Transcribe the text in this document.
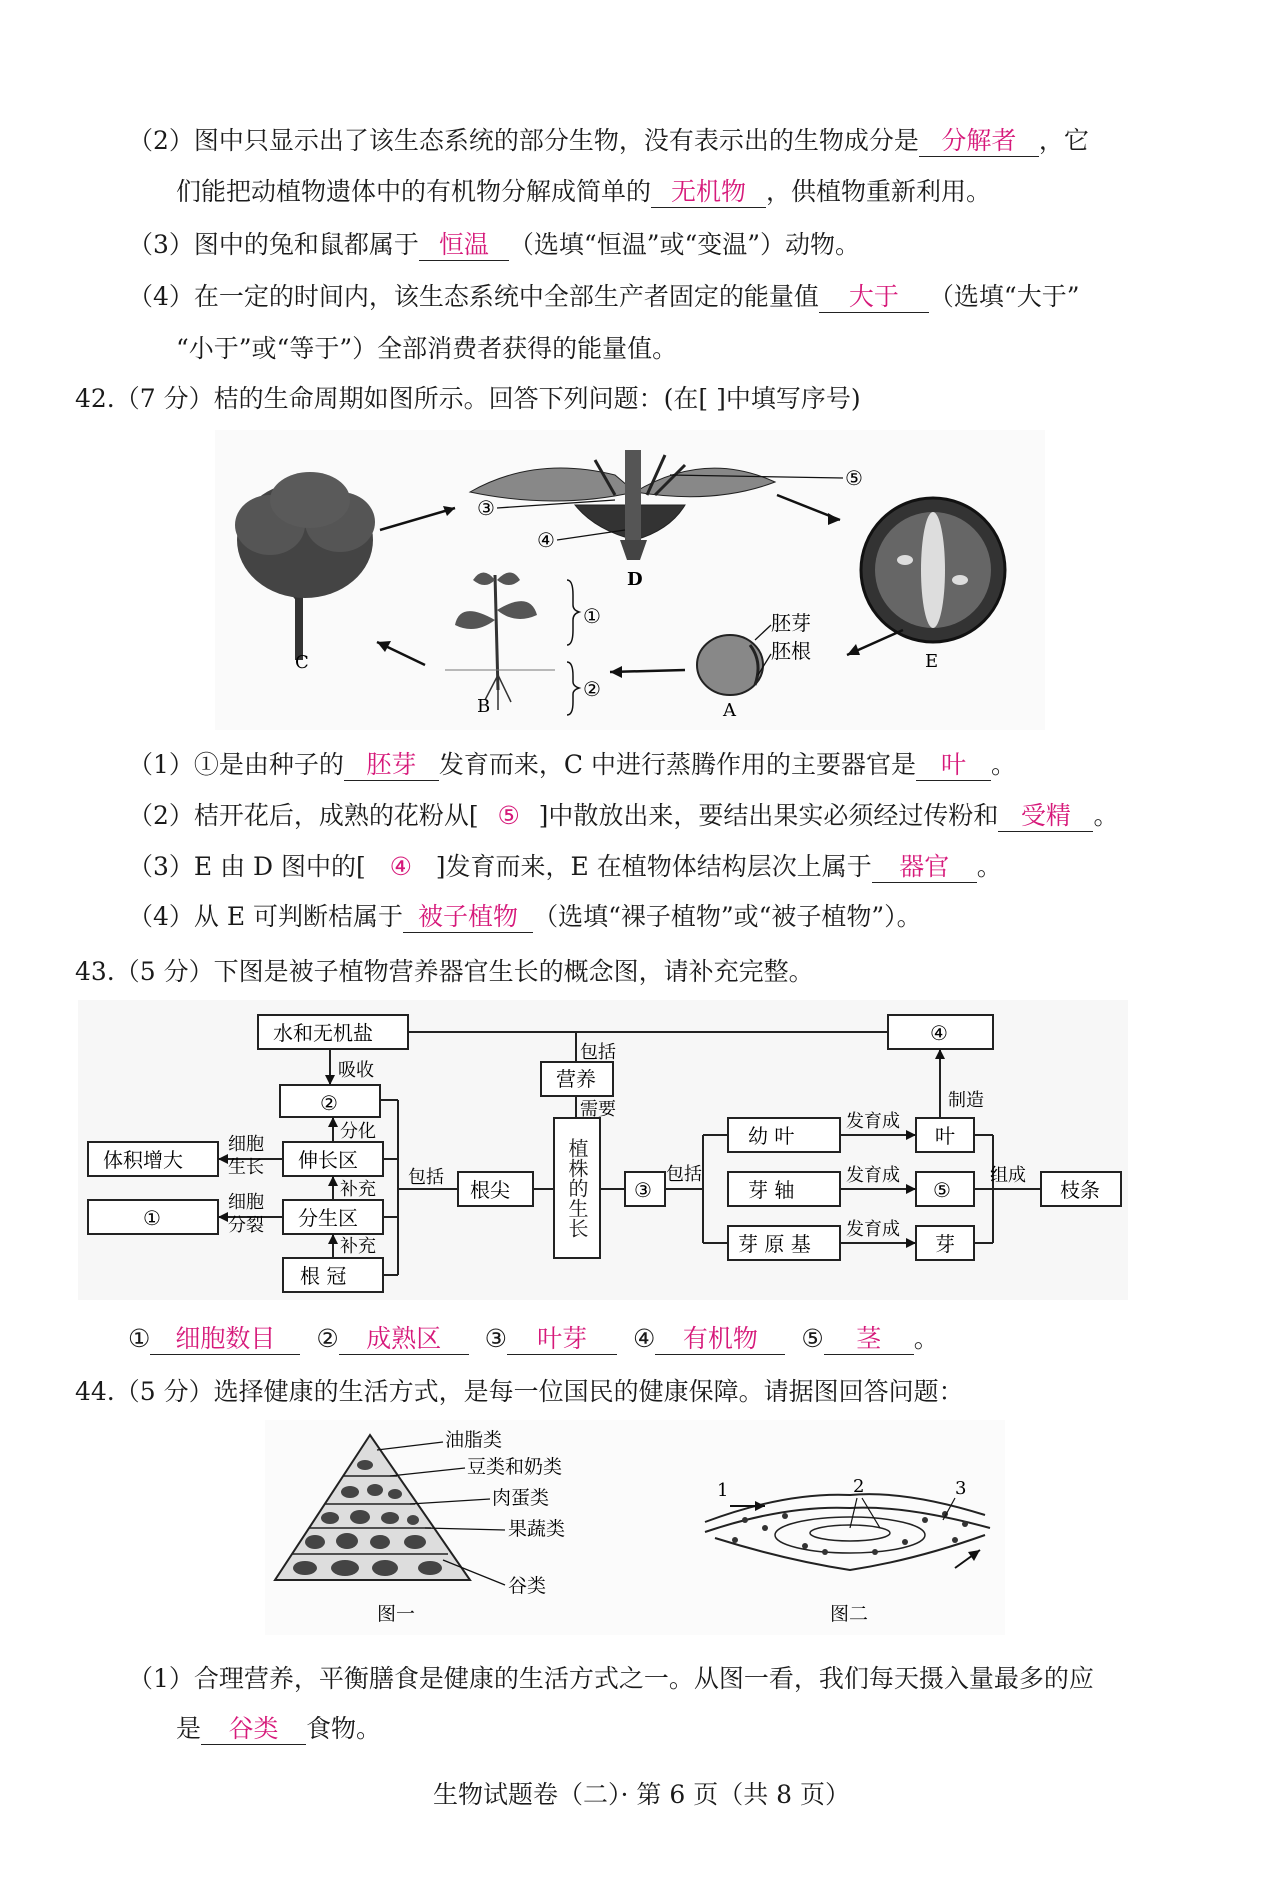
（2）图中只显示出了该生态系统的部分生物，没有表示出的生物成分是 分解者 ，它
们能把动植物遗体中的有机物分解成简单的 无机物 ，供植物重新利用。
（3）图中的兔和鼠都属于 恒温 （选填“恒温”或“变温”）动物。
（4）在一定的时间内，该生态系统中全部生产者固定的能量值 大于 （选填“大于”
“小于”或“等于”）全部消费者获得的能量值。
42.（7 分）桔的生命周期如图所示。回答下列问题：(在[ ]中填写序号)
C
③
④
⑤
D
E
胚芽
胚根
A
①
②
B
（1）①是由种子的 胚芽 发育而来，C 中进行蒸腾作用的主要器官是 叶 。
（2）桔开花后，成熟的花粉从[ ⑤ ]中散放出来，要结出果实必须经过传粉和 受精 。
（3）E 由 D 图中的[ ④ ]发育而来，E 在植物体结构层次上属于 器官 。
（4）从 E 可判断桔属于 被子植物 （选填“裸子植物”或“被子植物”）。
43.（5 分）下图是被子植物营养器官生长的概念图，请补充完整。
水和无机盐	④
②
营养
体积增大	伸长区
①	分生区
根 冠
根尖	植株的生长	③
幼 叶
芽 轴
芽 原 基
叶
⑤
芽
枝条
包括
吸收
制造
分化
需要
细胞
生长
细胞
分裂
补充
补充
包括	包括
发育成
发育成
发育成
组成
① 细胞数目 ② 成熟区 ③ 叶芽 ④ 有机物 ⑤ 茎 。
44.（5 分）选择健康的生活方式，是每一位国民的健康保障。请据图回答问题：
油脂类
豆类和奶类
肉蛋类
果蔬类
谷类
图一
1	2	3
图二
（1）合理营养，平衡膳食是健康的生活方式之一。从图一看，我们每天摄入量最多的应
是 谷类 食物。
生物试题卷（二）· 第 6 页（共 8 页）
